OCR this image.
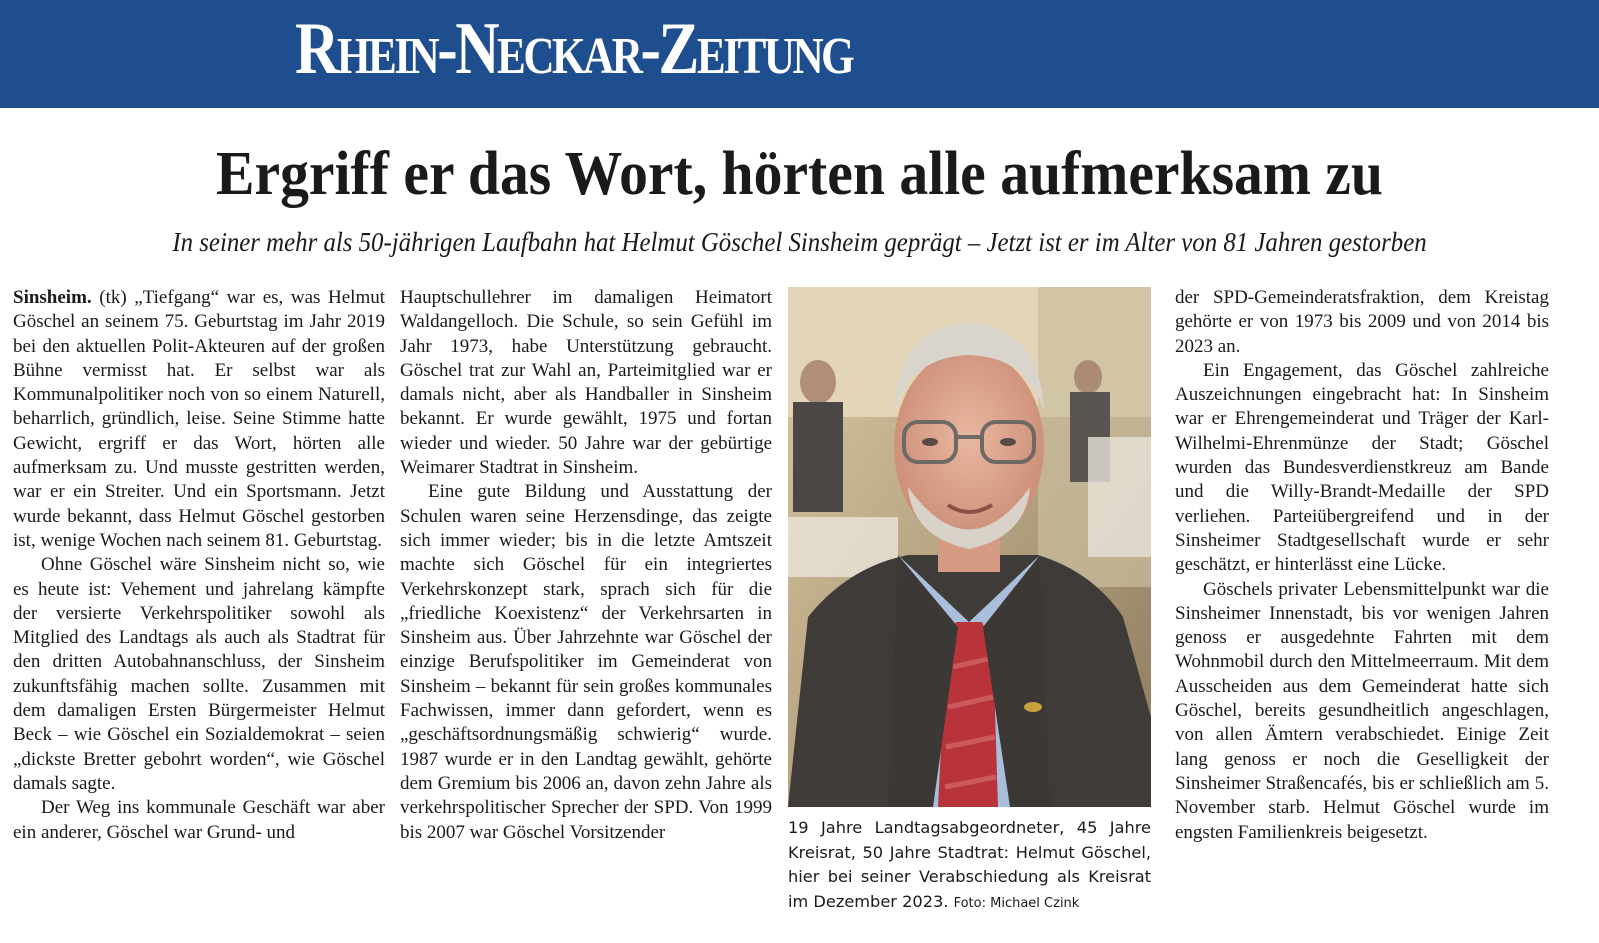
Rhein-Neckar-Zeitung
Ergriff er das Wort, hörten alle aufmerksam zu
In seiner mehr als 50-jährigen Laufbahn hat Helmut Göschel Sinsheim geprägt – Jetzt ist er im Alter von 81 Jahren gestorben

Sinsheim. (tk) „Tiefgang“ war es, was Helmut Göschel an seinem 75. Geburtstag im Jahr 2019 bei den aktuellen Polit-Akteuren auf der großen Bühne vermisst hat. Er selbst war als Kommunalpolitiker noch von so einem Naturell, beharrlich, gründlich, leise. Seine Stimme hatte Gewicht, ergriff er das Wort, hörten alle aufmerksam zu. Und musste gestritten werden, war er ein Streiter. Und ein Sportsmann. Jetzt wurde bekannt, dass Helmut Göschel gestorben ist, wenige Wochen nach seinem 81. Geburtstag.

Ohne Göschel wäre Sinsheim nicht so, wie es heute ist: Vehement und jahrelang kämpfte der versierte Verkehrspolitiker sowohl als Mitglied des Landtags als auch als Stadtrat für den dritten Autobahnanschluss, der Sinsheim zukunftsfähig machen sollte. Zusammen mit dem damaligen Ersten Bürgermeister Helmut Beck – wie Göschel ein Sozialdemokrat – seien „dickste Bretter gebohrt worden“, wie Göschel damals sagte.

Der Weg ins kommunale Geschäft war aber ein anderer, Göschel war Grund- und

Hauptschullehrer im damaligen Heimatort Waldangelloch. Die Schule, so sein Gefühl im Jahr 1973, habe Unterstützung gebraucht. Göschel trat zur Wahl an, Parteimitglied war er damals nicht, aber als Handballer in Sinsheim bekannt. Er wurde gewählt, 1975 und fortan wieder und wieder. 50 Jahre war der gebürtige Weimarer Stadtrat in Sinsheim.

Eine gute Bildung und Ausstattung der Schulen waren seine Herzensdinge, das zeigte sich immer wieder; bis in die letzte Amtszeit machte sich Göschel für ein integriertes Verkehrskonzept stark, sprach sich für die „friedliche Koexistenz“ der Verkehrsarten in Sinsheim aus. Über Jahrzehnte war Göschel der einzige Berufspolitiker im Gemeinderat von Sinsheim – bekannt für sein großes kommunales Fachwissen, immer dann gefordert, wenn es „geschäftsordnungsmäßig schwierig“ wurde. 1987 wurde er in den Landtag gewählt, gehörte dem Gremium bis 2006 an, davon zehn Jahre als verkehrspolitischer Sprecher der SPD. Von 1999 bis 2007 war Göschel Vorsitzender	19 Jahre Landtagsabgeordneter, 45 Jahre Kreisrat, 50 Jahre Stadtrat: Helmut Göschel, hier bei seiner Verabschiedung als Kreisrat im Dezember 2023. Foto: Michael Czink

der SPD-Gemeinderatsfraktion, dem Kreistag gehörte er von 1973 bis 2009 und von 2014 bis 2023 an.

Ein Engagement, das Göschel zahlreiche Auszeichnungen eingebracht hat: In Sinsheim war er Ehrengemeinderat und Träger der Karl-Wilhelmi-Ehrenmünze der Stadt; Göschel wurden das Bundesverdienstkreuz am Bande und die Willy-Brandt-Medaille der SPD verliehen. Parteiübergreifend und in der Sinsheimer Stadtgesellschaft wurde er sehr geschätzt, er hinterlässt eine Lücke.

Göschels privater Lebensmittelpunkt war die Sinsheimer Innenstadt, bis vor wenigen Jahren genoss er ausgedehnte Fahrten mit dem Wohnmobil durch den Mittelmeerraum. Mit dem Ausscheiden aus dem Gemeinderat hatte sich Göschel, bereits gesundheitlich angeschlagen, von allen Ämtern verabschiedet. Einige Zeit lang genoss er noch die Geselligkeit der Sinsheimer Straßencafés, bis er schließlich am 5. November starb. Helmut Göschel wurde im engsten Familienkreis beigesetzt.
